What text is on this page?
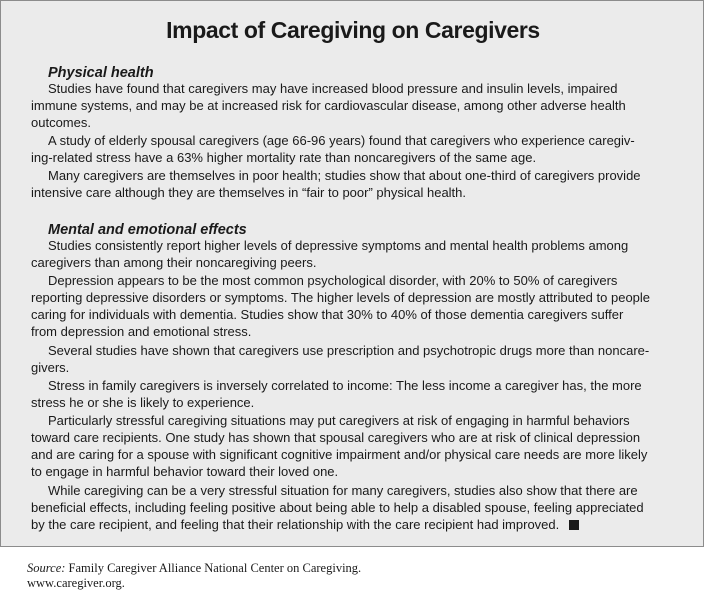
Impact of Caregiving on Caregivers
Physical health

Studies have found that caregivers may have increased blood pressure and insulin levels, impaired
immune systems, and may be at increased risk for cardiovascular disease, among other adverse health
outcomes.

A study of elderly spousal caregivers (age 66-96 years) found that caregivers who experience caregiv-
ing-related stress have a 63% higher mortality rate than noncaregivers of the same age.

Many caregivers are themselves in poor health; studies show that about one-third of caregivers provide
intensive care although they are themselves in “fair to poor” physical health.

Mental and emotional effects

Studies consistently report higher levels of depressive symptoms and mental health problems among
caregivers than among their noncaregiving peers.

Depression appears to be the most common psychological disorder, with 20% to 50% of caregivers
reporting depressive disorders or symptoms. The higher levels of depression are mostly attributed to people
caring for individuals with dementia. Studies show that 30% to 40% of those dementia caregivers suffer
from depression and emotional stress.

Several studies have shown that caregivers use prescription and psychotropic drugs more than noncare-
givers.

Stress in family caregivers is inversely correlated to income: The less income a caregiver has, the more
stress he or she is likely to experience.

Particularly stressful caregiving situations may put caregivers at risk of engaging in harmful behaviors
toward care recipients. One study has shown that spousal caregivers who are at risk of clinical depression
and are caring for a spouse with significant cognitive impairment and/or physical care needs are more likely
to engage in harmful behavior toward their loved one.

While caregiving can be a very stressful situation for many caregivers, studies also show that there are
beneficial effects, including feeling positive about being able to help a disabled spouse, feeling appreciated
by the care recipient, and feeling that their relationship with the care recipient had improved.

Source: Family Caregiver Alliance National Center on Caregiving.
www.caregiver.org.
